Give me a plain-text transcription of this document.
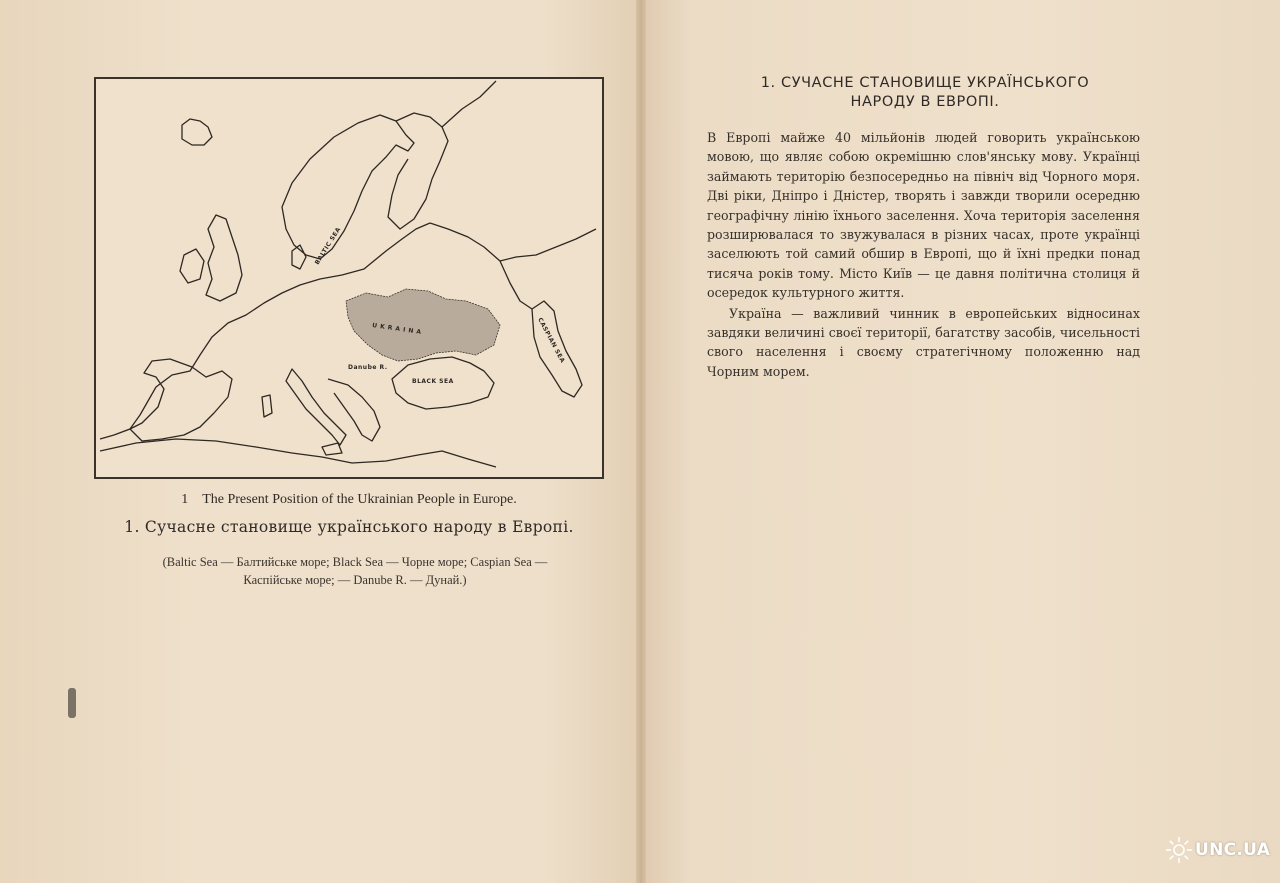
U K R A I N A
BALTIC SEA
BLACK SEA
CASPIAN SEA
Danube R.
1 The Present Position of the Ukrainian People in Europe.
1. Сучасне становище українського народу в Европі.
(Baltic Sea — Балтийське море; Black Sea — Чорне море; Caspian Sea —
Каспійське море; — Danube R. — Дунай.)
1. СУЧАСНЕ СТАНОВИЩЕ УКРАЇНСЬКОГО
НАРОДУ В ЕВРОПІ.

В Европі майже 40 мільйонів людей говорить українською мовою, що являє собою окремішню слов'янську мову. Українці займають територію безпосередньо на північ від Чорного моря. Дві ріки, Дніпро і Дністер, творять і завжди творили осередню географічну лінію їхнього заселення. Хоча територія заселення розширювалася то звужувалася в різних часах, проте українці заселюють той самий обшир в Европі, що й їхні предки понад тисяча років тому. Місто Київ — це давня політична столиця й осередок культурного життя.

Україна — важливий чинник в европейських відносинах завдяки величині своєї території, багатству засобів, чисельності свого населення і своєму стратегічному положенню над Чорним морем.

UNC.UA
